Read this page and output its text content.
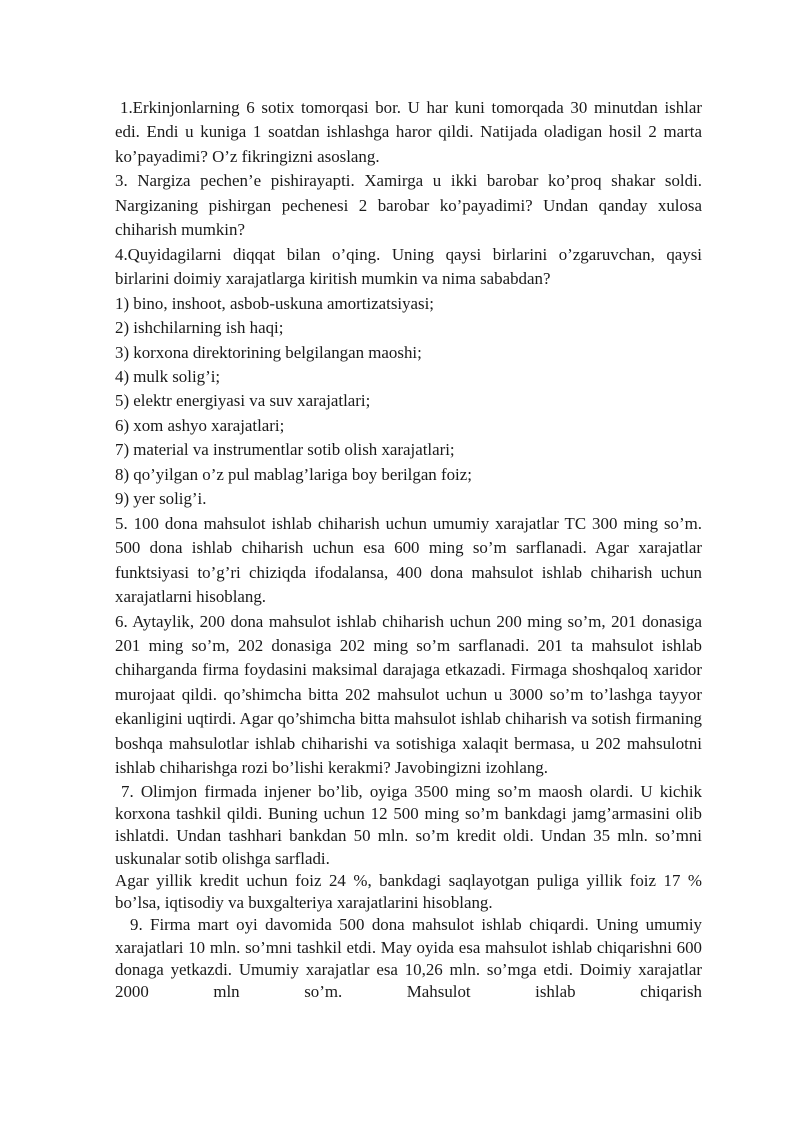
1.Erkinjonlarning 6 sotix tomorqasi bor. U har kuni tomorqada 30 minutdan ishlar edi. Endi u kuniga 1 soatdan ishlashga haror qildi. Natijada oladigan hosil 2 marta ko’payadimi? O’z fikringizni asoslang.

3. Nargiza pechen’e pishirayapti. Xamirga u ikki barobar ko’proq shakar soldi. Nargizaning pishirgan pechenesi 2 barobar ko’payadimi? Undan qanday xulosa chiharish mumkin?

4.Quyidagilarni diqqat bilan o’qing. Uning qaysi birlarini o’zgaruvchan, qaysi birlarini doimiy xarajatlarga kiritish mumkin va nima sababdan?

1) bino, inshoot, asbob-uskuna amortizatsiyasi;

2) ishchilarning ish haqi;

3) korxona direktorining belgilangan maoshi;

4) mulk solig’i;

5) elektr energiyasi va suv xarajatlari;

6) xom ashyo xarajatlari;

7) material va instrumentlar sotib olish xarajatlari;

8) qo’yilgan o’z pul mablag’lariga boy berilgan foiz;

9) yer solig’i.

5. 100 dona mahsulot ishlab chiharish uchun umumiy xarajatlar TC 300 ming so’m. 500 dona ishlab chiharish uchun esa 600 ming so’m sarflanadi. Agar xarajatlar funktsiyasi to’g’ri chiziqda ifodalansa, 400 dona mahsulot ishlab chiharish uchun xarajatlarni hisoblang.

6. Aytaylik, 200 dona mahsulot ishlab chiharish uchun 200 ming so’m, 201 donasiga 201 ming so’m, 202 donasiga 202 ming so’m sarflanadi. 201 ta mahsulot ishlab chiharganda firma foydasini maksimal darajaga etkazadi. Firmaga shoshqaloq xaridor murojaat qildi. qo’shimcha bitta 202 mahsulot uchun u 3000 so’m to’lashga tayyor ekanligini uqtirdi. Agar qo’shimcha bitta mahsulot ishlab chiharish va sotish firmaning boshqa mahsulotlar ishlab chiharishi va sotishiga xalaqit bermasa, u 202 mahsulotni ishlab chiharishga rozi bo’lishi kerakmi? Javobingizni izohlang.

7. Olimjon firmada injener bo’lib, oyiga 3500 ming so’m maosh olardi. U kichik korxona tashkil qildi. Buning uchun 12 500 ming so’m bankdagi jamg’armasini olib ishlatdi. Undan tashhari bankdan 50 mln. so’m kredit oldi. Undan 35 mln. so’mni uskunalar sotib olishga sarfladi.

Agar yillik kredit uchun foiz 24 %, bankdagi saqlayotgan puliga yillik foiz 17 % bo’lsa, iqtisodiy va buxgalteriya xarajatlarini hisoblang.

9. Firma mart oyi davomida 500 dona mahsulot ishlab chiqardi. Uning umumiy xarajatlari 10 mln. so’mni tashkil etdi. May oyida esa mahsulot ishlab chiqarishni 600 donaga yetkazdi. Umumiy xarajatlar esa 10,26 mln. so’mga etdi. Doimiy xarajatlar 2000 mln so’m. Mahsulot ishlab chiqarish
